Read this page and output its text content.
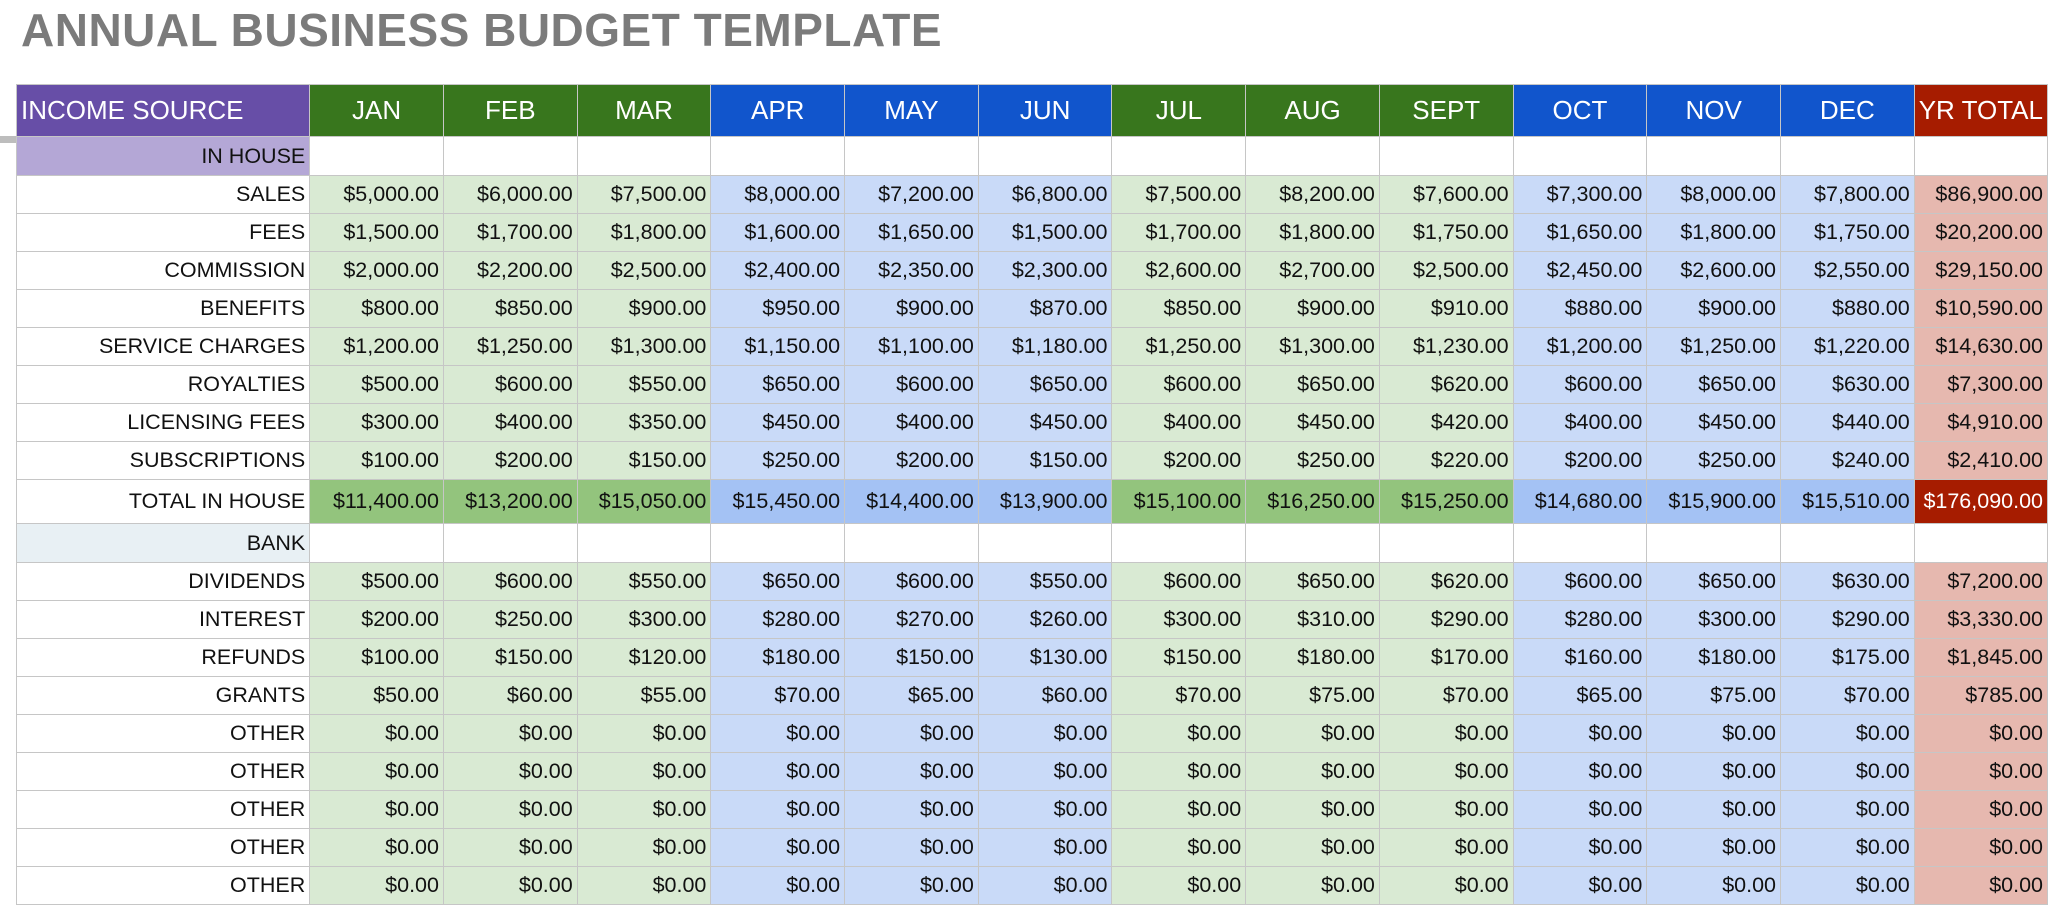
ANNUAL BUSINESS BUDGET TEMPLATE
INCOME SOURCE	JAN	FEB	MAR	APR	MAY	JUN	JUL	AUG	SEPT	OCT	NOV	DEC	YR TOTAL
IN HOUSE													
SALES	$5,000.00	$6,000.00	$7,500.00	$8,000.00	$7,200.00	$6,800.00	$7,500.00	$8,200.00	$7,600.00	$7,300.00	$8,000.00	$7,800.00	$86,900.00
FEES	$1,500.00	$1,700.00	$1,800.00	$1,600.00	$1,650.00	$1,500.00	$1,700.00	$1,800.00	$1,750.00	$1,650.00	$1,800.00	$1,750.00	$20,200.00
COMMISSION	$2,000.00	$2,200.00	$2,500.00	$2,400.00	$2,350.00	$2,300.00	$2,600.00	$2,700.00	$2,500.00	$2,450.00	$2,600.00	$2,550.00	$29,150.00
BENEFITS	$800.00	$850.00	$900.00	$950.00	$900.00	$870.00	$850.00	$900.00	$910.00	$880.00	$900.00	$880.00	$10,590.00
SERVICE CHARGES	$1,200.00	$1,250.00	$1,300.00	$1,150.00	$1,100.00	$1,180.00	$1,250.00	$1,300.00	$1,230.00	$1,200.00	$1,250.00	$1,220.00	$14,630.00
ROYALTIES	$500.00	$600.00	$550.00	$650.00	$600.00	$650.00	$600.00	$650.00	$620.00	$600.00	$650.00	$630.00	$7,300.00
LICENSING FEES	$300.00	$400.00	$350.00	$450.00	$400.00	$450.00	$400.00	$450.00	$420.00	$400.00	$450.00	$440.00	$4,910.00
SUBSCRIPTIONS	$100.00	$200.00	$150.00	$250.00	$200.00	$150.00	$200.00	$250.00	$220.00	$200.00	$250.00	$240.00	$2,410.00
TOTAL IN HOUSE	$11,400.00	$13,200.00	$15,050.00	$15,450.00	$14,400.00	$13,900.00	$15,100.00	$16,250.00	$15,250.00	$14,680.00	$15,900.00	$15,510.00	$176,090.00
BANK													
DIVIDENDS	$500.00	$600.00	$550.00	$650.00	$600.00	$550.00	$600.00	$650.00	$620.00	$600.00	$650.00	$630.00	$7,200.00
INTEREST	$200.00	$250.00	$300.00	$280.00	$270.00	$260.00	$300.00	$310.00	$290.00	$280.00	$300.00	$290.00	$3,330.00
REFUNDS	$100.00	$150.00	$120.00	$180.00	$150.00	$130.00	$150.00	$180.00	$170.00	$160.00	$180.00	$175.00	$1,845.00
GRANTS	$50.00	$60.00	$55.00	$70.00	$65.00	$60.00	$70.00	$75.00	$70.00	$65.00	$75.00	$70.00	$785.00
OTHER	$0.00	$0.00	$0.00	$0.00	$0.00	$0.00	$0.00	$0.00	$0.00	$0.00	$0.00	$0.00	$0.00
OTHER	$0.00	$0.00	$0.00	$0.00	$0.00	$0.00	$0.00	$0.00	$0.00	$0.00	$0.00	$0.00	$0.00
OTHER	$0.00	$0.00	$0.00	$0.00	$0.00	$0.00	$0.00	$0.00	$0.00	$0.00	$0.00	$0.00	$0.00
OTHER	$0.00	$0.00	$0.00	$0.00	$0.00	$0.00	$0.00	$0.00	$0.00	$0.00	$0.00	$0.00	$0.00
OTHER	$0.00	$0.00	$0.00	$0.00	$0.00	$0.00	$0.00	$0.00	$0.00	$0.00	$0.00	$0.00	$0.00
